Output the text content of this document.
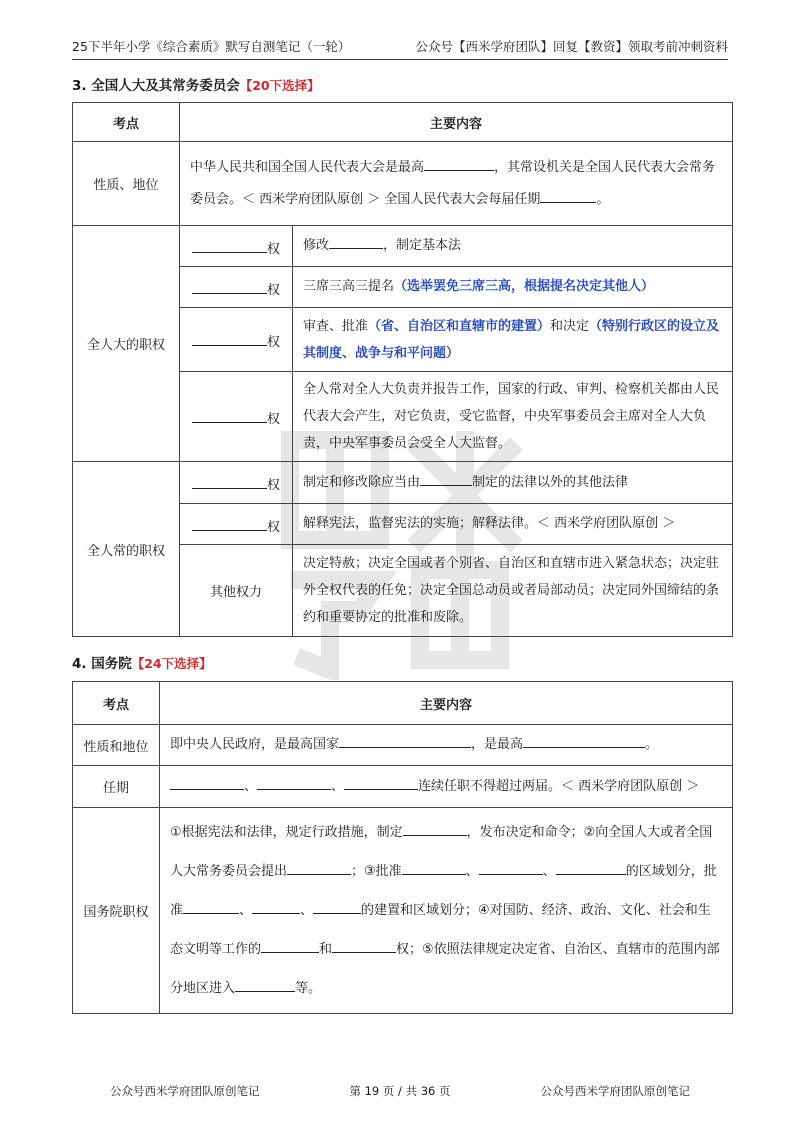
25下半年小学《综合素质》默写自测笔记（一轮）	公众号【西米学府团队】回复【教资】领取考前冲刺资料
3. 全国人大及其常务委员会【20下选择】
考点	主要内容	
性质、地位	中华人民共和国全国人民代表大会是最高 ，其常设机关是全国人民代表大会常务委员会。＜ 西米学府团队原创 ＞ 全国人民代表大会每届任期 。	
全人大的职权	权	修改 ，制定基本法
	权	三席三高三提名（选举罢免三席三高，根据提名决定其他人）
	权	审查、批准（省、自治区和直辖市的建置）和决定（特别行政区的设立及其制度、战争与和平问题）
	权	全人常对全人大负责并报告工作，国家的行政、审判、检察机关都由人民代表大会产生，对它负责，受它监督，中央军事委员会主席对全人大负责，中央军事委员会受全人大监督。
全人常的职权	权	制定和修改除应当由 制定的法律以外的其他法律
	权	解释宪法，监督宪法的实施；解释法律。＜ 西米学府团队原创 ＞
	其他权力	决定特赦；决定全国或者个别省、自治区和直辖市进入紧急状态；决定驻外全权代表的任免；决定全国总动员或者局部动员；决定同外国缔结的条约和重要协定的批准和废除。
4. 国务院【24下选择】
考点	主要内容
性质和地位	即中央人民政府，是最高国家 ，是最高 。
任期	、 、 连续任职不得超过两届。＜ 西米学府团队原创 ＞
国务院职权	①根据宪法和法律，规定行政措施，制定 ，发布决定和命令；②向全国人大或者全国人大常务委员会提出 ；③批准 、 、 的区域划分，批准 、 、 的建置和区域划分；④对国防、经济、政治、文化、社会和生态文明等工作的 和 权；⑤依照法律规定决定省、自治区、直辖市的范围内部分地区进入 等。
公众号西米学府团队原创笔记	第 19 页 / 共 36 页	公众号西米学府团队原创笔记
